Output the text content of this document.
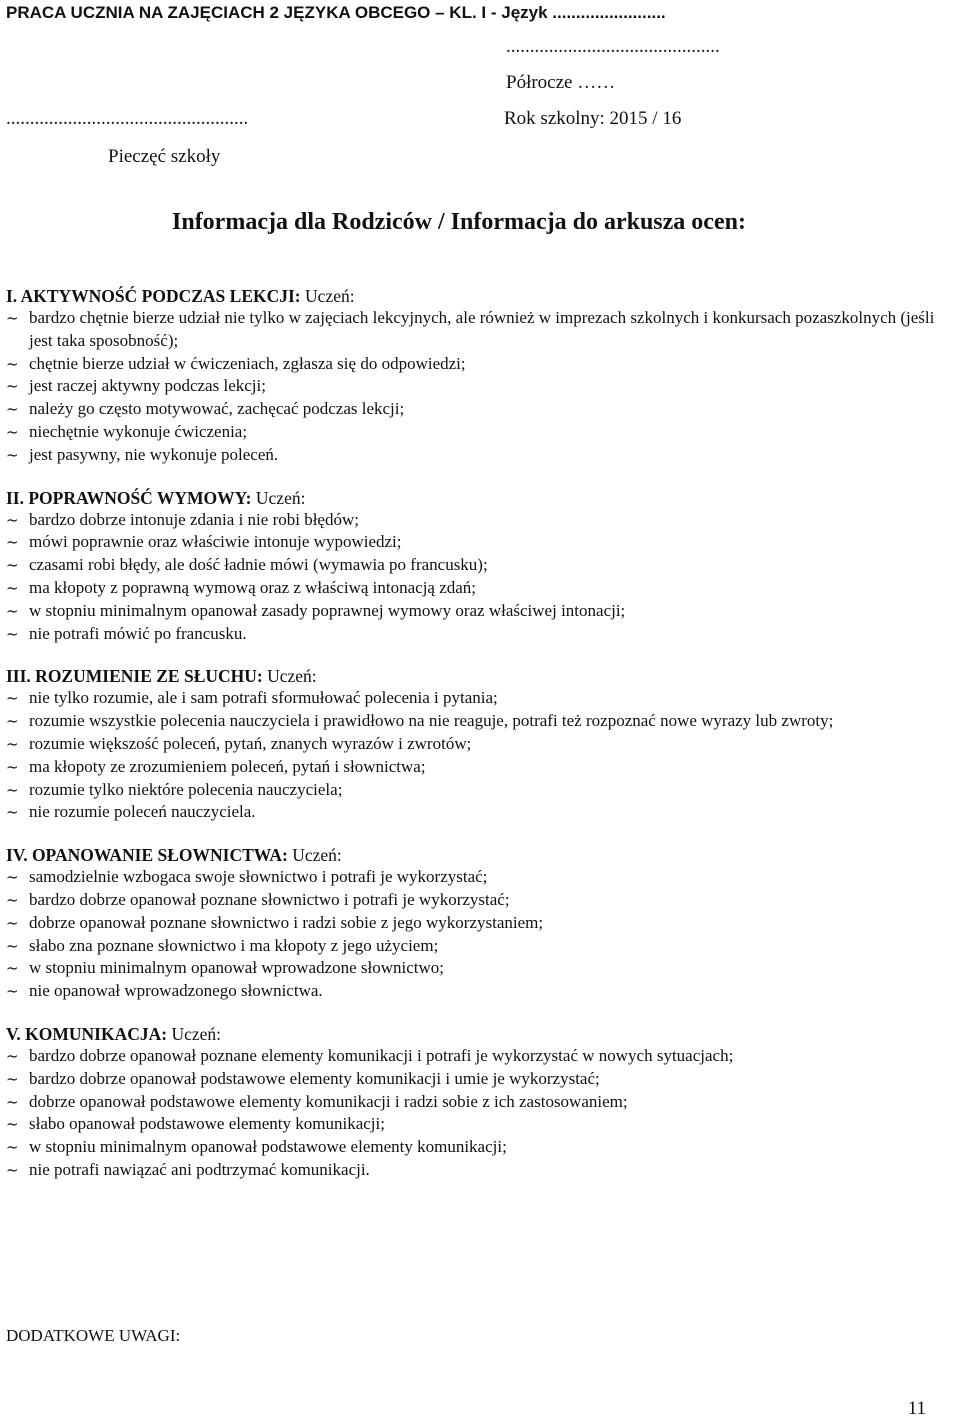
PRACA UCZNIA NA ZAJĘCIACH 2 JĘZYKA OBCEGO – KL. I - Język ........................
.............................................
Półrocze ……
...................................................	Rok szkolny: 2015 / 16
Pieczęć szkoły
Informacja dla Rodziców / Informacja do arkusza ocen:
I. AKTYWNOŚĆ PODCZAS LEKCJI: Uczeń:
~ bardzo chętnie bierze udział nie tylko w zajęciach lekcyjnych, ale również w imprezach szkolnych i konkursach pozaszkolnych (jeśli jest taka sposobność);
~ chętnie bierze udział w ćwiczeniach, zgłasza się do odpowiedzi;
~ jest raczej aktywny podczas lekcji;
~ należy go często motywować, zachęcać podczas lekcji;
~ niechętnie wykonuje ćwiczenia;
~ jest pasywny, nie wykonuje poleceń.
II. POPRAWNOŚĆ WYMOWY: Uczeń:
~ bardzo dobrze intonuje zdania i nie robi błędów;
~ mówi poprawnie oraz właściwie intonuje wypowiedzi;
~ czasami robi błędy, ale dość ładnie mówi (wymawia po francusku);
~ ma kłopoty z poprawną wymową oraz z właściwą intonacją zdań;
~ w stopniu minimalnym opanował zasady poprawnej wymowy oraz właściwej intonacji;
~ nie potrafi mówić po francusku.
III. ROZUMIENIE ZE SŁUCHU: Uczeń:
~ nie tylko rozumie, ale i sam potrafi sformułować polecenia i pytania;
~ rozumie wszystkie polecenia nauczyciela i prawidłowo na nie reaguje, potrafi też rozpoznać nowe wyrazy lub zwroty;
~ rozumie większość poleceń, pytań, znanych wyrazów i zwrotów;
~ ma kłopoty ze zrozumieniem poleceń, pytań i słownictwa;
~ rozumie tylko niektóre polecenia nauczyciela;
~ nie rozumie poleceń nauczyciela.
IV. OPANOWANIE SŁOWNICTWA: Uczeń:
~ samodzielnie wzbogaca swoje słownictwo i potrafi je wykorzystać;
~ bardzo dobrze opanował poznane słownictwo i potrafi je wykorzystać;
~ dobrze opanował poznane słownictwo i radzi sobie z jego wykorzystaniem;
~ słabo zna poznane słownictwo i ma kłopoty z jego użyciem;
~ w stopniu minimalnym opanował wprowadzone słownictwo;
~ nie opanował wprowadzonego słownictwa.
V. KOMUNIKACJA: Uczeń:
~ bardzo dobrze opanował poznane elementy komunikacji i potrafi je wykorzystać w nowych sytuacjach;
~ bardzo dobrze opanował podstawowe elementy komunikacji i umie je wykorzystać;
~ dobrze opanował podstawowe elementy komunikacji i radzi sobie z ich zastosowaniem;
~ słabo opanował podstawowe elementy komunikacji;
~ w stopniu minimalnym opanował podstawowe elementy komunikacji;
~ nie potrafi nawiązać ani podtrzymać komunikacji.
DODATKOWE UWAGI:
11
